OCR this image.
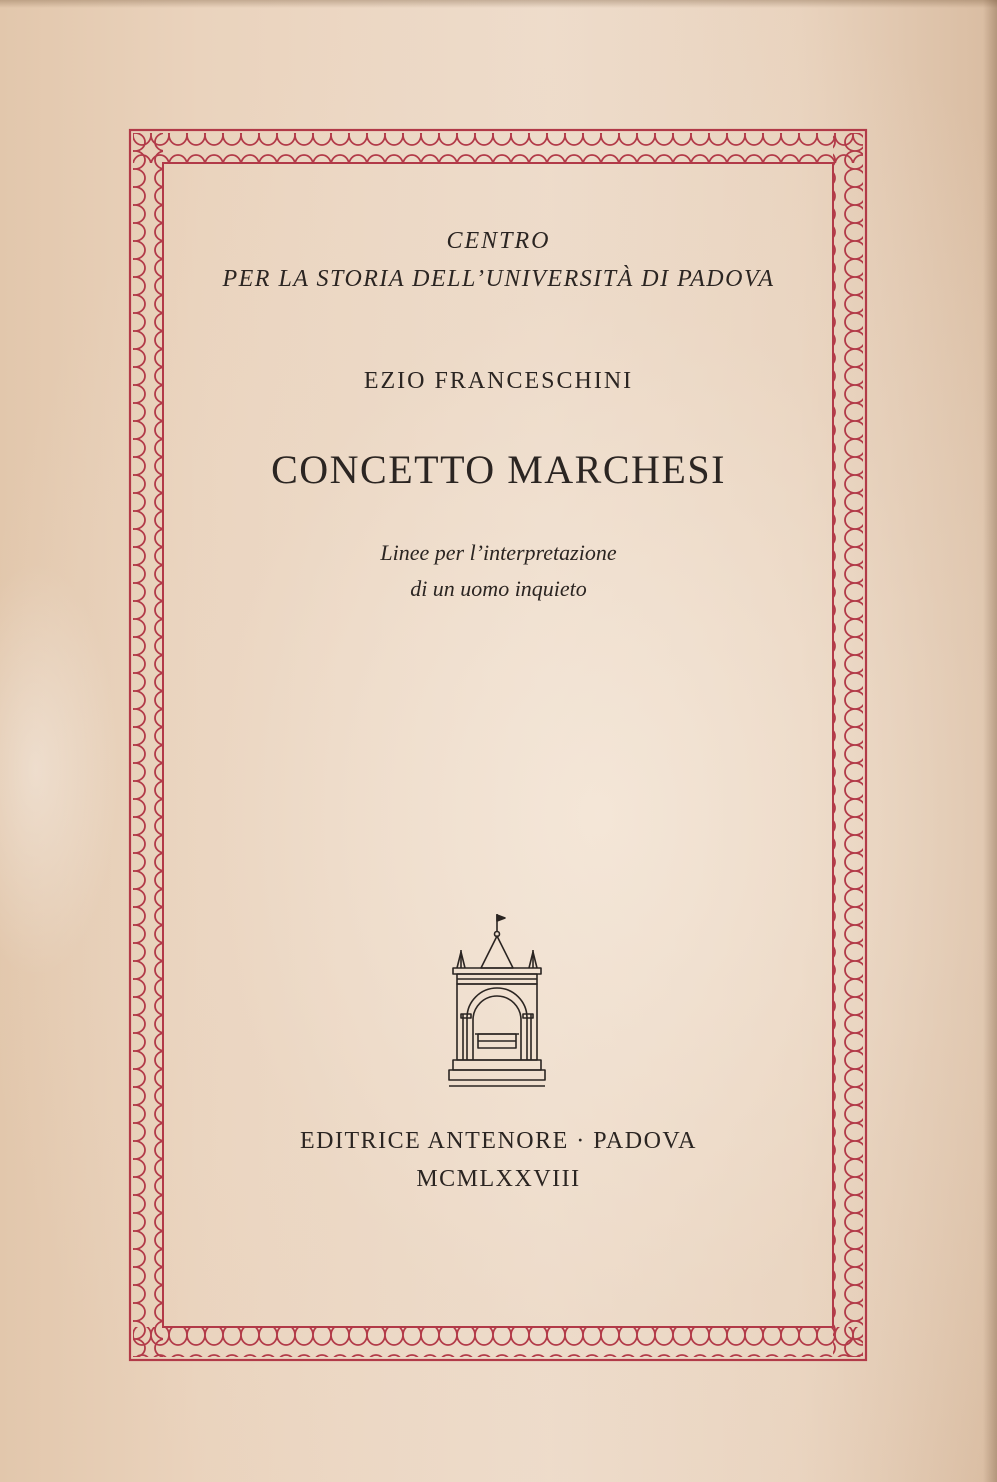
CENTRO
PER LA STORIA DELL’UNIVERSITÀ DI PADOVA
EZIO FRANCESCHINI
CONCETTO MARCHESI
Linee per l’interpretazione
di un uomo inquieto
EDITRICE ANTENORE · PADOVA
MCMLXXVIII
